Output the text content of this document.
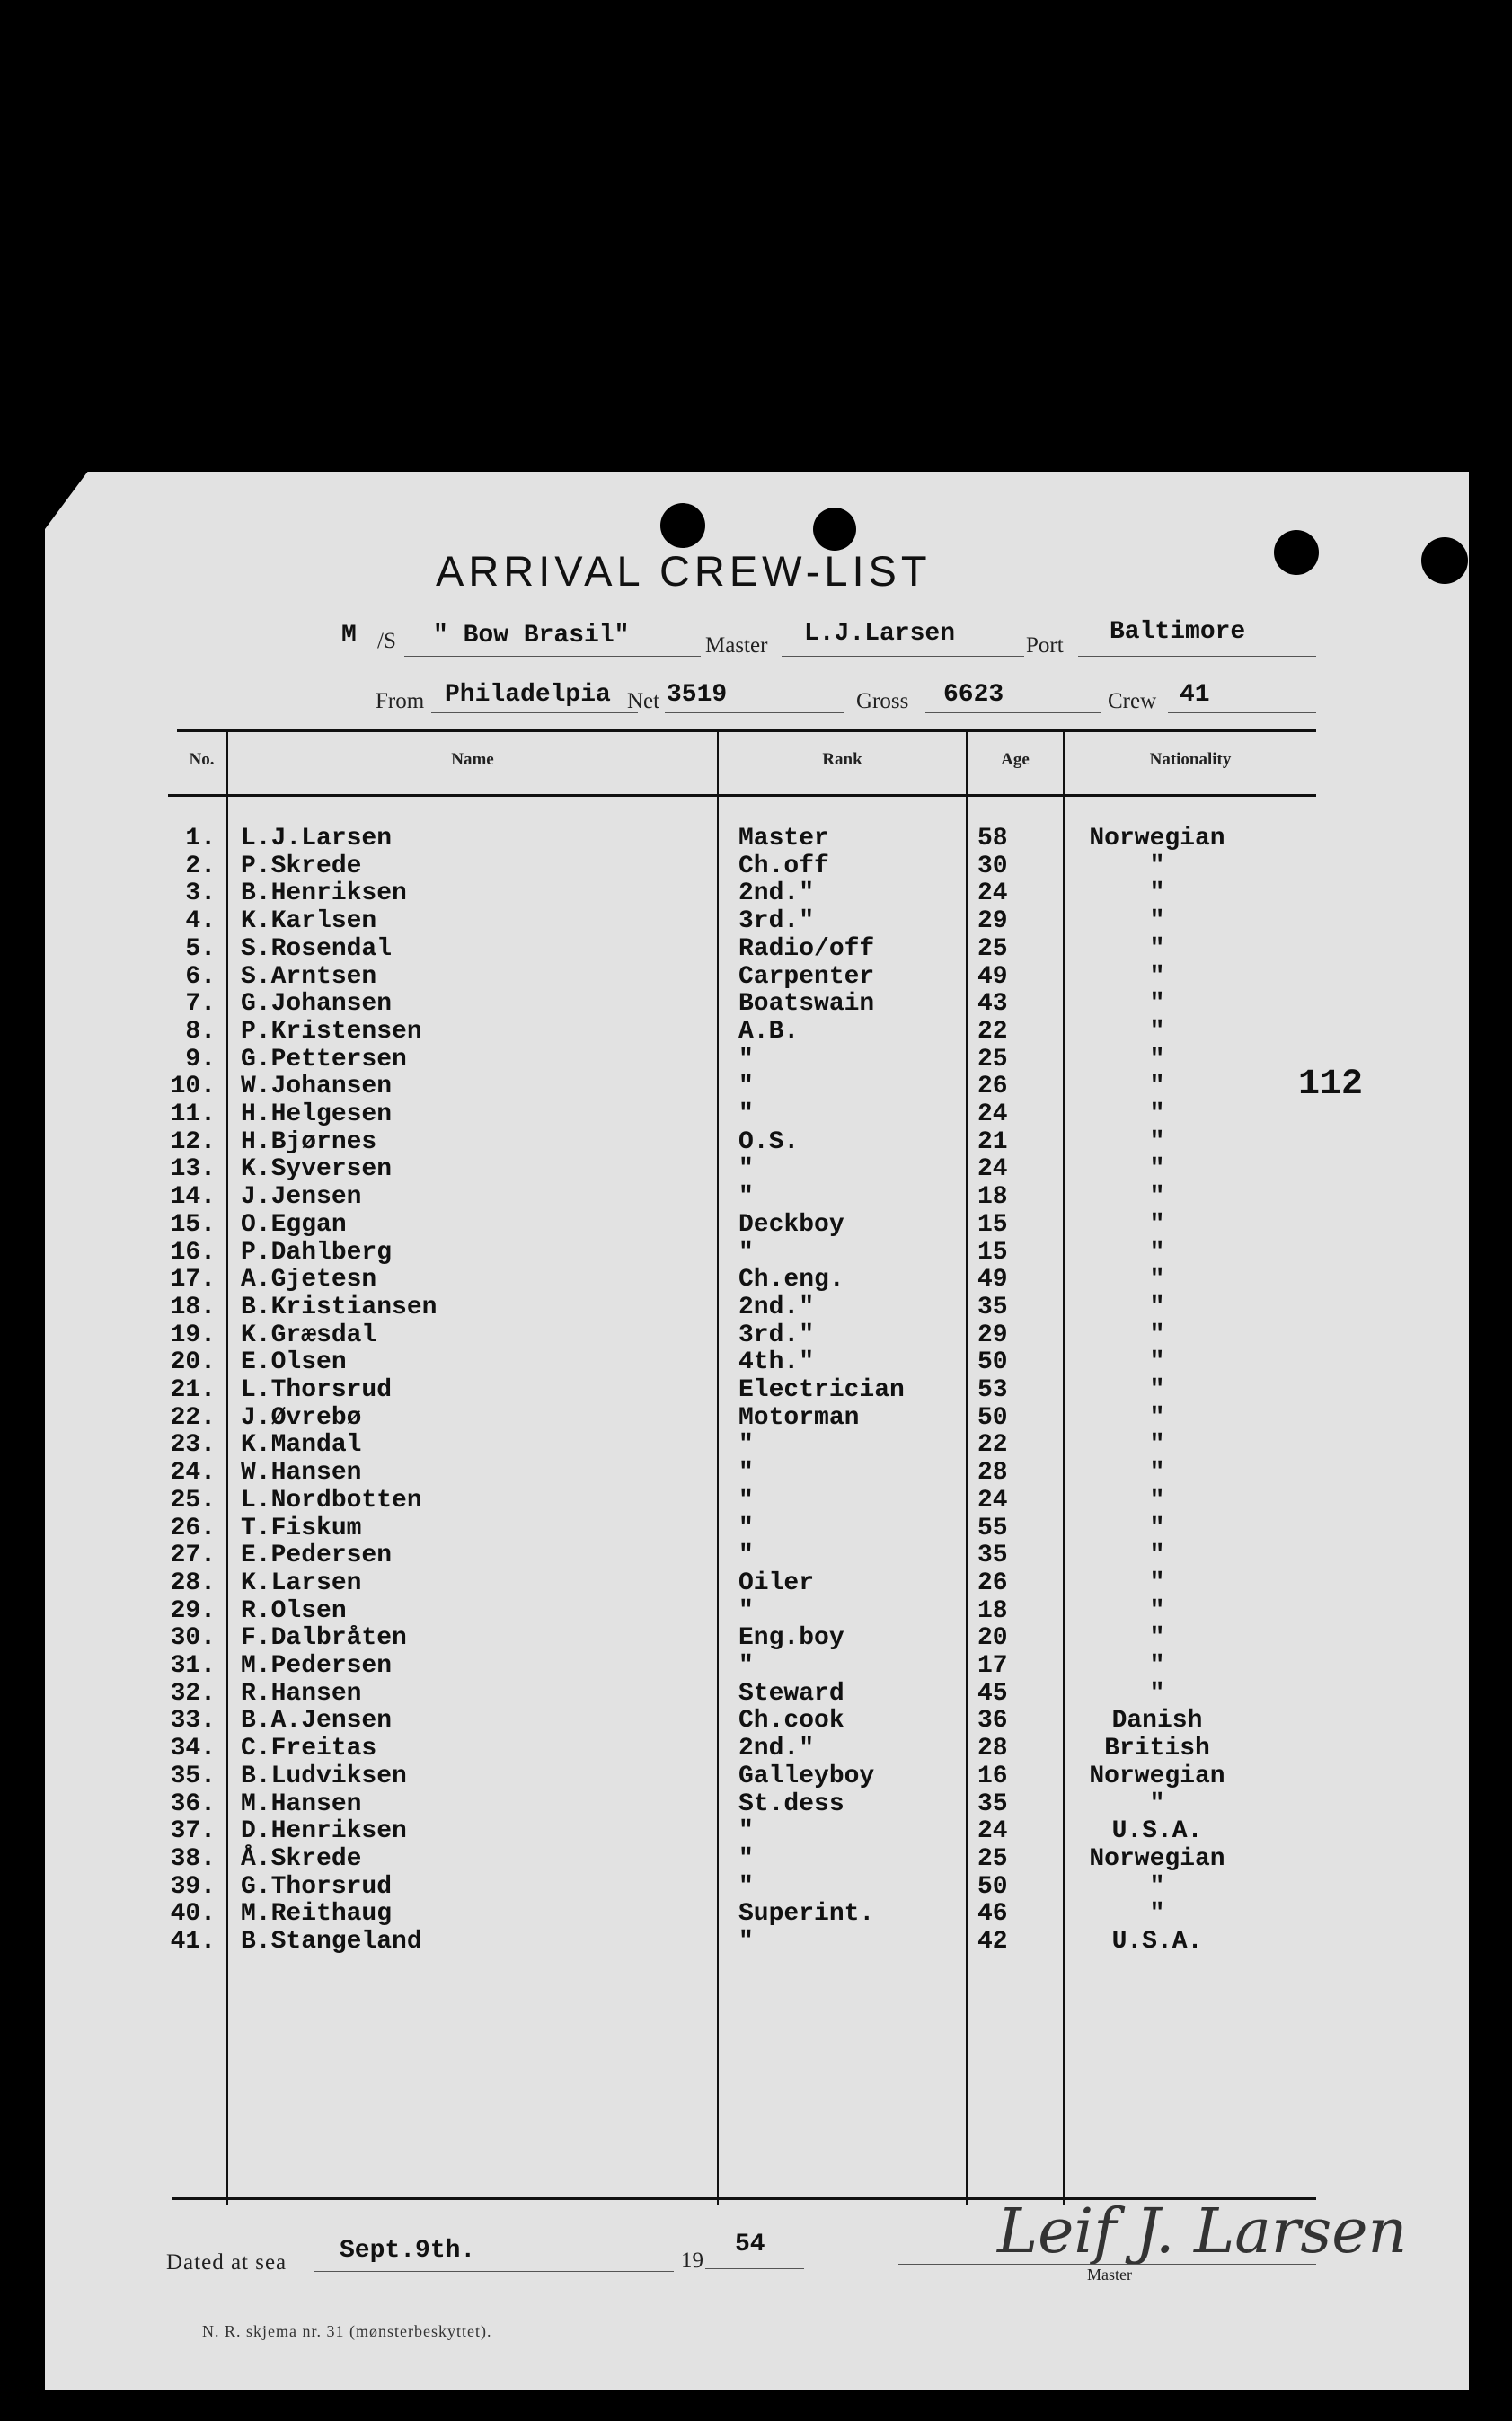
ARRIVAL CREW-LIST
M /S " Bow Brasil"	Master L.J.Larsen	Port Baltimore
From Philadelpia Net 3519	Gross 6623	Crew 41
No.	Name	Rank	Age	Nationality
1. L.J.Larsen	Master	58	Norwegian
2. P.Skrede	Ch.off	30	"
3. B.Henriksen	2nd."	24	"
4. K.Karlsen	3rd."	29	"
5. S.Rosendal	Radio/off	25	"
6. S.Arntsen	Carpenter	49	"
7. G.Johansen	Boatswain	43	"
8. P.Kristensen	A.B.	22	"
9. G.Pettersen	"	25	"
10. W.Johansen	"	26	"
11. H.Helgesen	"	24	"
12. H.Bjørnes	O.S.	21	"
13. K.Syversen	"	24	"
14. J.Jensen	"	18	"
15. O.Eggan	Deckboy	15	"
16. P.Dahlberg	"	15	"
17. A.Gjetesn	Ch.eng.	49	"
18. B.Kristiansen	2nd."	35	"
19. K.Græsdal	3rd."	29	"
20. E.Olsen	4th."	50	"
21. L.Thorsrud	Electrician	53	"
22. J.Øvrebø	Motorman	50	"
23. K.Mandal	"	22	"
24. W.Hansen	"	28	"
25. L.Nordbotten	"	24	"
26. T.Fiskum	"	55	"
27. E.Pedersen	"	35	"
28. K.Larsen	Oiler	26	"
29. R.Olsen	"	18	"
30. F.Dalbråten	Eng.boy	20	"
31. M.Pedersen	"	17	"
32. R.Hansen	Steward	45	"
33. B.A.Jensen	Ch.cook	36	Danish
34. C.Freitas	2nd."	28	British
35. B.Ludviksen	Galleyboy	16	Norwegian
36. M.Hansen	St.dess	35	"
37. D.Henriksen	"	24	U.S.A.
38. Å.Skrede	"	25	Norwegian
39. G.Thorsrud	"	50	"
40. M.Reithaug	Superint.	46	"
41. B.Stangeland	"	42	U.S.A.
112
Dated at sea Sept.9th.	19
54	Leif J. Larsen
Master
N. R. skjema nr. 31 (mønsterbeskyttet).
